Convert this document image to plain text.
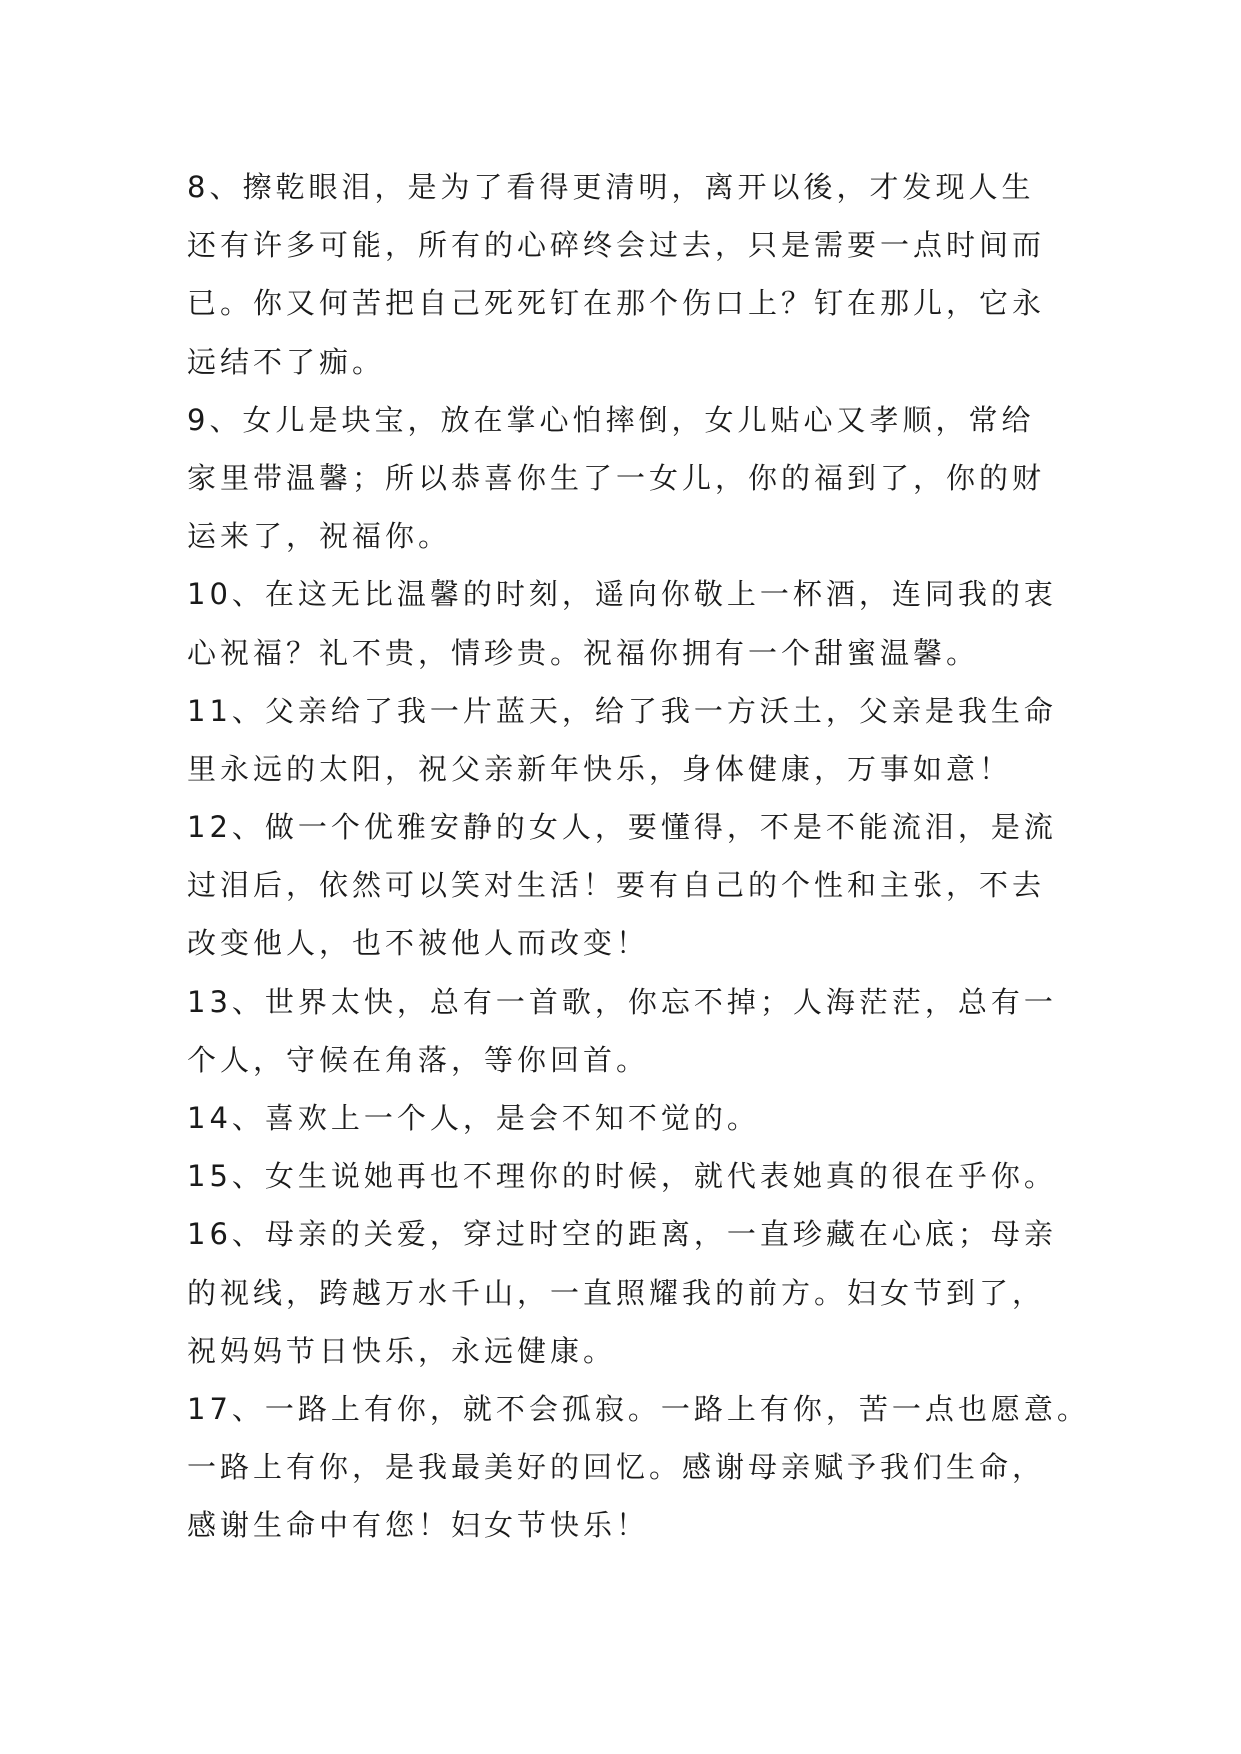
8、擦乾眼泪，是为了看得更清明，离开以後，才发现人生
还有许多可能，所有的心碎终会过去，只是需要一点时间而
已。你又何苦把自己死死钉在那个伤口上？钉在那儿，它永
远结不了痂。
9、女儿是块宝，放在掌心怕摔倒，女儿贴心又孝顺，常给
家里带温馨；所以恭喜你生了一女儿，你的福到了，你的财
运来了，祝福你。
10、在这无比温馨的时刻，遥向你敬上一杯酒，连同我的衷
心祝福？礼不贵，情珍贵。祝福你拥有一个甜蜜温馨。
11、父亲给了我一片蓝天，给了我一方沃土，父亲是我生命
里永远的太阳，祝父亲新年快乐，身体健康，万事如意！
12、做一个优雅安静的女人，要懂得，不是不能流泪，是流
过泪后，依然可以笑对生活！要有自己的个性和主张，不去
改变他人，也不被他人而改变！
13、世界太快，总有一首歌，你忘不掉；人海茫茫，总有一
个人，守候在角落，等你回首。
14、喜欢上一个人，是会不知不觉的。
15、女生说她再也不理你的时候，就代表她真的很在乎你。
16、母亲的关爱，穿过时空的距离，一直珍藏在心底；母亲
的视线，跨越万水千山，一直照耀我的前方。妇女节到了，
祝妈妈节日快乐，永远健康。
17、一路上有你，就不会孤寂。一路上有你，苦一点也愿意。
一路上有你，是我最美好的回忆。感谢母亲赋予我们生命，
感谢生命中有您！妇女节快乐！
